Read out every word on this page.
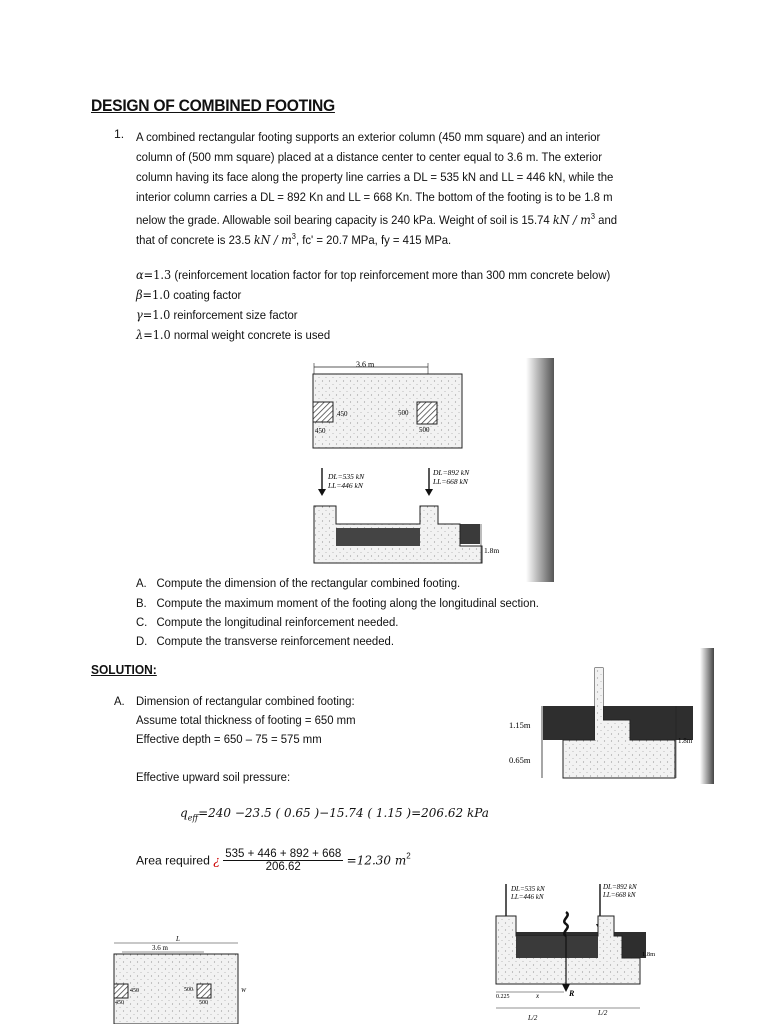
DESIGN OF COMBINED FOOTING
1. A combined rectangular footing supports an exterior column (450 mm square) and an interior
column of (500 mm square) placed at a distance center to center equal to 3.6 m. The exterior
column having its face along the property line carries a DL = 535 kN and LL = 446 kN, while the
interior column carries a DL = 892 Kn and LL = 668 Kn. The bottom of the footing is to be 1.8 m
nelow the grade. Allowable soil bearing capacity is 240 kPa. Weight of soil is 15.74 kN / $m^3$ and
that of concrete is 23.5 kN / $m^3$, fc' = 20.7 MPa, fy = 415 MPa.
α=1.3 (reinforcement location factor for top reinforcement more than 300 mm concrete below)
β=1.0 coating factor
γ=1.0 reinforcement size factor
λ=1.0 normal weight concrete is used
3.6 m
450
450
500
500
DL=535 kN
LL=446 kN
DL=892 kN
LL=668 kN
1.8m
A. Compute the dimension of the rectangular combined footing.
B. Compute the maximum moment of the footing along the longitudinal section.
C. Compute the longitudinal reinforcement needed.
D. Compute the transverse reinforcement needed.
SOLUTION:
A. Dimension of rectangular combined footing:
Assume total thickness of footing = 650 mm
Effective depth = 650 – 75 = 575 mm
Effective upward soil pressure:
$q_{eff}=240 -23.5$ ( 0.65 )−15.74 ( 1.15 )=206.62 kPa
Area required ¿ $\frac{535 + 446 + 892 + 668}{206.62} =12.30$ $m^2$
1.15m
0.65m
1.8m
L
3.6 m
450
450
500
500
W
DL=535 kN
LL=446 kN
DL=892 kN
LL=668 kN
R
1.8m
0.225	x
L/2
L/2
